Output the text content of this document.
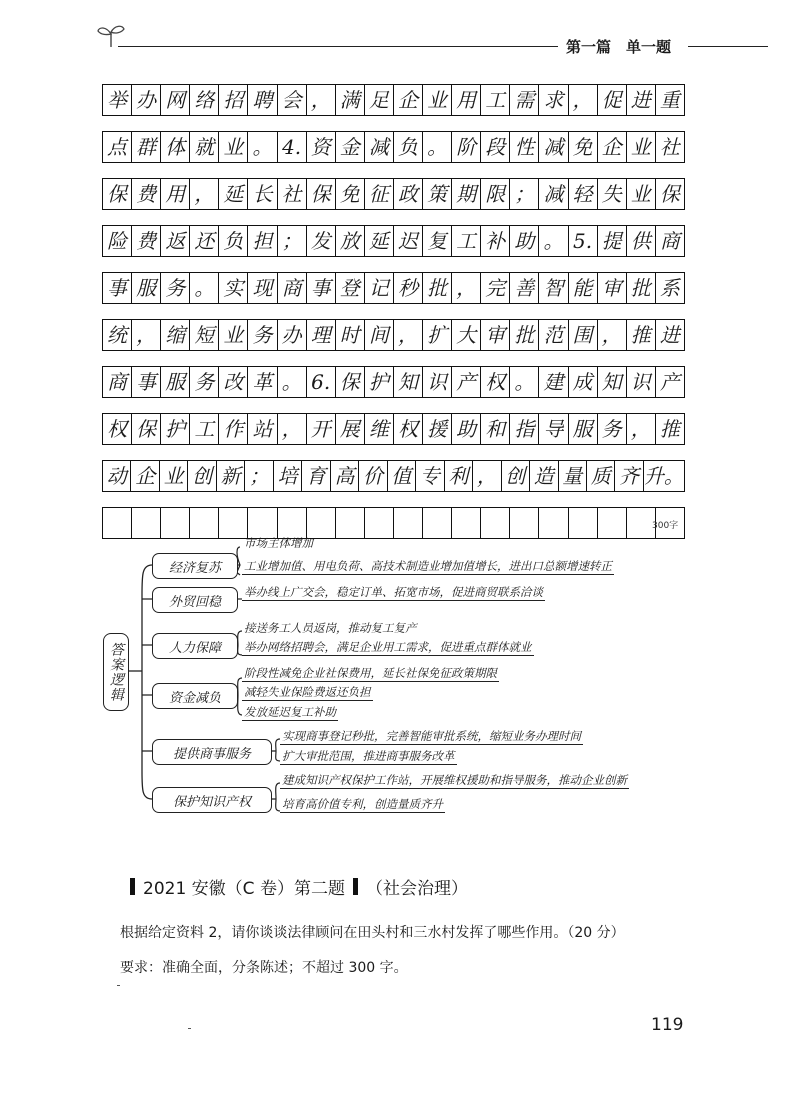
第一篇　单一题
举 办 网 络 招 聘 会 ， 满 足 企 业 用 工 需 求 ， 促 进 重
点 群 体 就 业 。 4. 资 金 减 负 。 阶 段 性 减 免 企 业 社
保 费 用 ， 延 长 社 保 免 征 政 策 期 限 ； 减 轻 失 业 保
险 费 返 还 负 担 ； 发 放 延 迟 复 工 补 助 。 5. 提 供 商
事 服 务 。 实 现 商 事 登 记 秒 批 ， 完 善 智 能 审 批 系
统 ， 缩 短 业 务 办 理 时 间 ， 扩 大 审 批 范 围 ， 推 进
商 事 服 务 改 革 。 6. 保 护 知 识 产 权 。 建 成 知 识 产
权 保 护 工 作 站 ， 开 展 维 权 援 助 和 指 导 服 务 ， 推
动 企 业 创 新 ； 培 育 高 价 值 专 利 ， 创 造 量 质 齐 升。
300字
答案逻辑
经济复苏
市场主体增加
工业增加值、用电负荷、高技术制造业增加值增长，进出口总额增速转正
外贸回稳
举办线上广交会，稳定订单、拓宽市场，促进商贸联系洽谈
人力保障
接送务工人员返岗，推动复工复产
举办网络招聘会，满足企业用工需求，促进重点群体就业
资金减负
阶段性减免企业社保费用，延长社保免征政策期限
减轻失业保险费返还负担
发放延迟复工补助
提供商事服务
实现商事登记秒批，完善智能审批系统，缩短业务办理时间
扩大审批范围，推进商事服务改革
保护知识产权
建成知识产权保护工作站，开展维权援助和指导服务，推动企业创新
培育高价值专利，创造量质齐升
2021 安徽（C 卷）第二题 （社会治理）
根据给定资料 2，请你谈谈法律顾问在田头村和三水村发挥了哪些作用。（20 分）
要求：准确全面，分条陈述；不超过 300 字。
119
